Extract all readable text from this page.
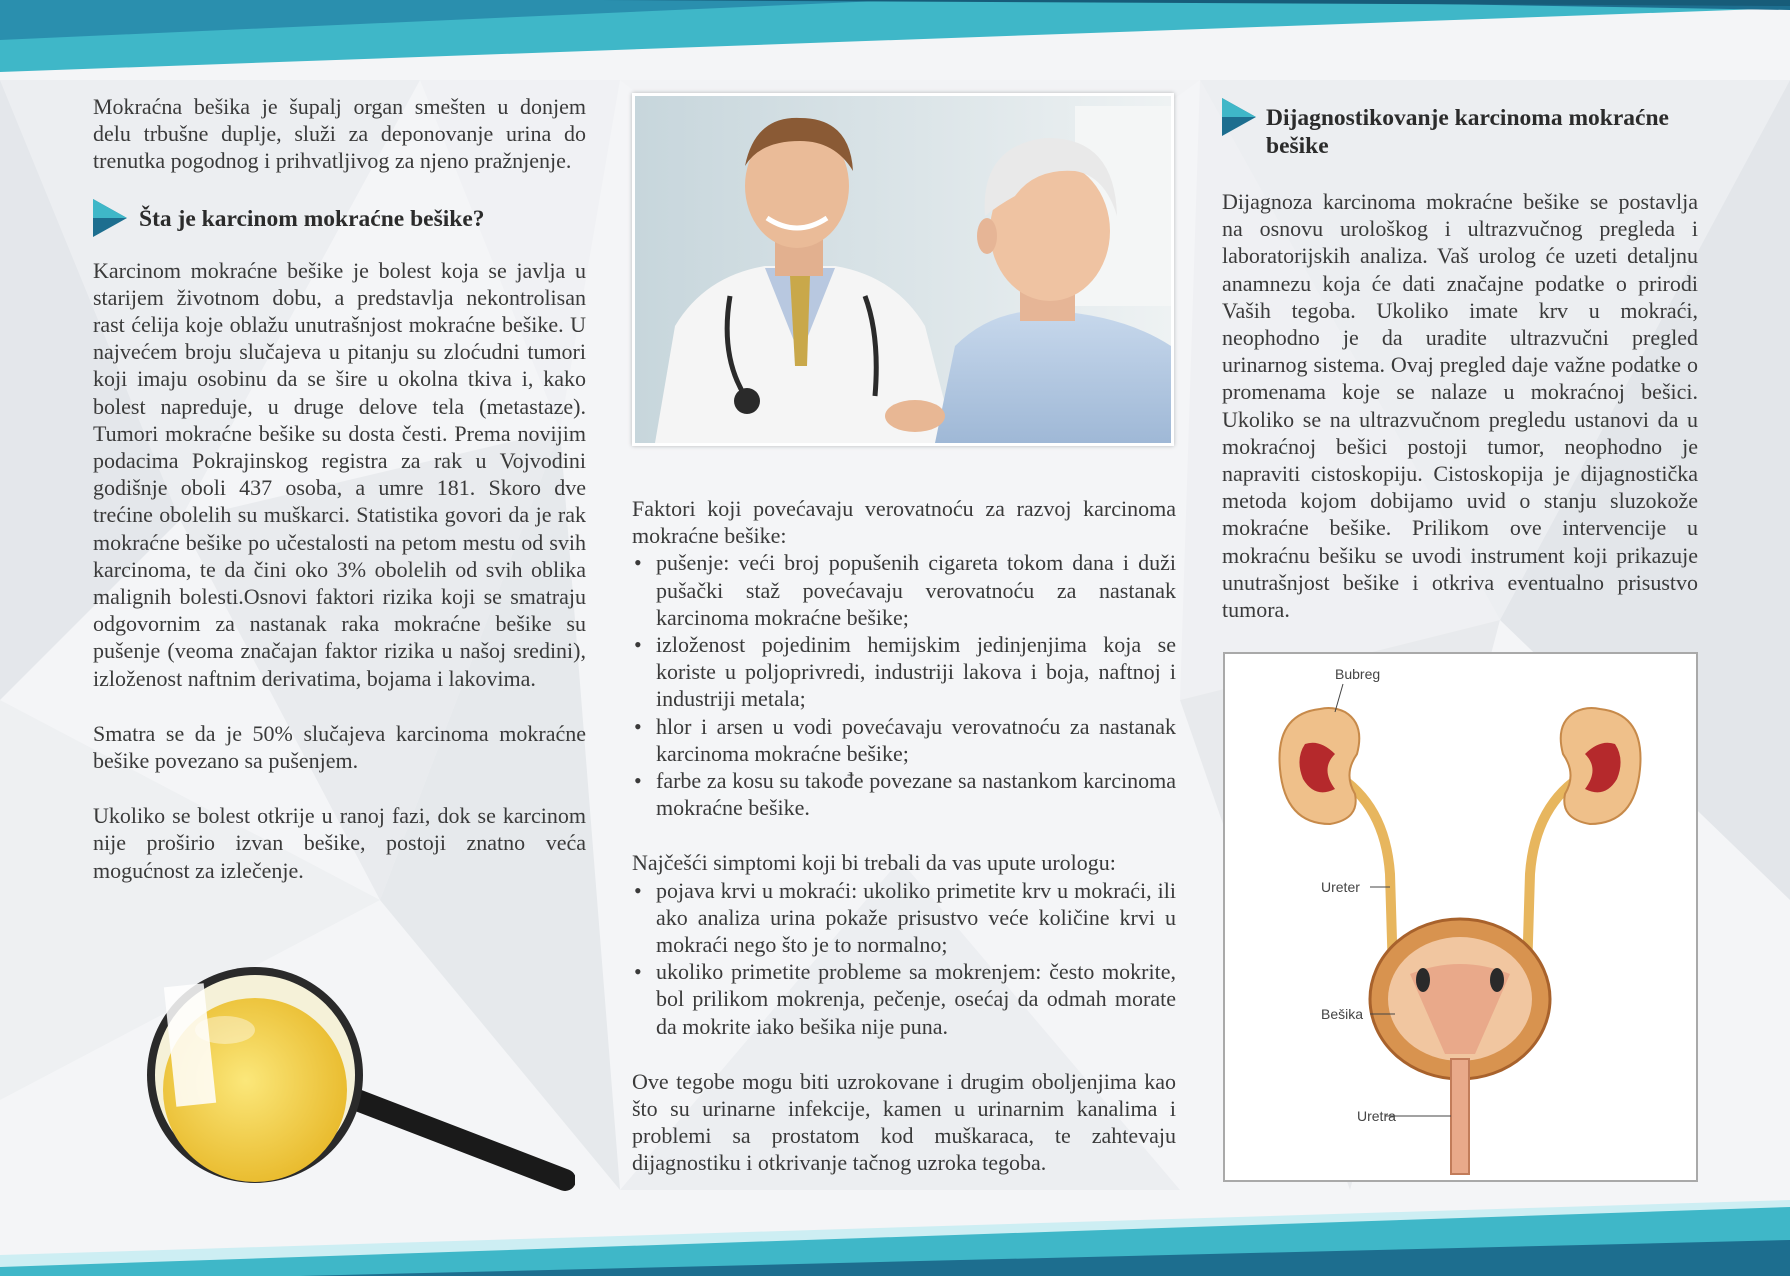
Mokraćna bešika je šupalj organ smešten u donjem delu trbušne duplje, služi za deponovanje urina do trenutka pogodnog i prihvatljivog za njeno pražnjenje.

Šta je karcinom mokraćne bešike?

Karcinom mokraćne bešike je bolest koja se javlja u starijem životnom dobu, a predstavlja nekontrolisan rast ćelija koje oblažu unutrašnjost mokraćne bešike. U najvećem broju slučajeva u pitanju su zloćudni tumori koji imaju osobinu da se šire u okolna tkiva i, kako bolest napreduje, u druge delove tela (metastaze). Tumori mokraćne bešike su dosta česti. Prema novijim podacima Pokrajinskog registra za rak u Vojvodini godišnje oboli 437 osoba, a umre 181. Skoro dve trećine obolelih su muškarci. Statistika govori da je rak mokraćne bešike po učestalosti na petom mestu od svih karcinoma, te da čini oko 3% obolelih od svih oblika malignih bolesti.Osnovi faktori rizika koji se smatraju odgovornim za nastanak raka mokraćne bešike su pušenje (veoma značajan faktor rizika u našoj sredini), izloženost naftnim derivatima, bojama i lakovima.

Smatra se da je 50% slučajeva karcinoma mokraćne bešike povezano sa pušenjem.

Ukoliko se bolest otkrije u ranoj fazi, dok se karcinom nije proširio izvan bešike, postoji znatno veća mogućnost za izlečenje.

Faktori koji povećavaju verovatnoću za razvoj karcinoma mokraćne bešike:

• pušenje: veći broj popušenih cigareta tokom dana i duži pušački staž povećavaju verovatnoću za nastanak karcinoma mokraćne bešike;
• izloženost pojedinim hemijskim jedinjenjima koja se koriste u poljoprivredi, industriji lakova i boja, naftnoj i industriji metala;
• hlor i arsen u vodi povećavaju verovatnoću za nastanak karcinoma mokraćne bešike;
• farbe za kosu su takođe povezane sa nastankom karcinoma mokraćne bešike.

Najčešći simptomi koji bi trebali da vas upute urologu:

• pojava krvi u mokraći: ukoliko primetite krv u mokraći, ili ako analiza urina pokaže prisustvo veće količine krvi u mokraći nego što je to normalno;
• ukoliko primetite probleme sa mokrenjem: često mokrite, bol prilikom mokrenja, pečenje, osećaj da odmah morate da mokrite iako bešika nije puna.

Ove tegobe mogu biti uzrokovane i drugim oboljenjima kao što su urinarne infekcije, kamen u urinarnim kanalima i problemi sa prostatom kod muškaraca, te zahtevaju dijagnostiku i otkrivanje tačnog uzroka tegoba.

Dijagnostikovanje karcinoma mokraćne bešike

Dijagnoza karcinoma mokraćne bešike se postavlja na osnovu urološkog i ultrazvučnog pregleda i laboratorijskih analiza. Vaš urolog će uzeti detaljnu anamnezu koja će dati značajne podatke o prirodi Vaših tegoba. Ukoliko imate krv u mokraći, neophodno je da uradite ultrazvučni pregled urinarnog sistema. Ovaj pregled daje važne podatke o promenama koje se nalaze u mokraćnoj bešici. Ukoliko se na ultrazvučnom pregledu ustanovi da u mokraćnoj bešici postoji tumor, neophodno je napraviti cistoskopiju. Cistoskopija je dijagnostička metoda kojom dobijamo uvid o stanju sluzokože mokraćne bešike. Prilikom ove intervencije u mokraćnu bešiku se uvodi instrument koji prikazuje unutrašnjost bešike i otkriva eventualno prisustvo tumora.

Bubreg
Ureter
Bešika
Uretra
